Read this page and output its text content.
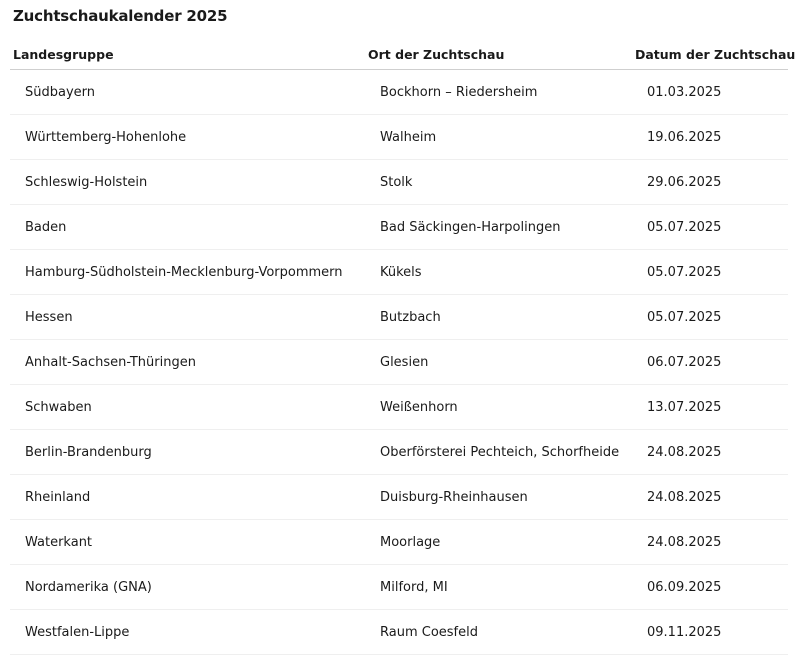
Zuchtschaukalender 2025
Landesgruppe	Ort der Zuchtschau	Datum der Zuchtschau
Südbayern	Bockhorn – Riedersheim	01.03.2025
Württemberg-Hohenlohe	Walheim	19.06.2025
Schleswig-Holstein	Stolk	29.06.2025
Baden	Bad Säckingen-Harpolingen	05.07.2025
Hamburg-Südholstein-Mecklenburg-Vorpommern	Kükels	05.07.2025
Hessen	Butzbach	05.07.2025
Anhalt-Sachsen-Thüringen	Glesien	06.07.2025
Schwaben	Weißenhorn	13.07.2025
Berlin-Brandenburg	Oberförsterei Pechteich, Schorfheide	24.08.2025
Rheinland	Duisburg-Rheinhausen	24.08.2025
Waterkant	Moorlage	24.08.2025
Nordamerika (GNA)	Milford, MI	06.09.2025
Westfalen-Lippe	Raum Coesfeld	09.11.2025
